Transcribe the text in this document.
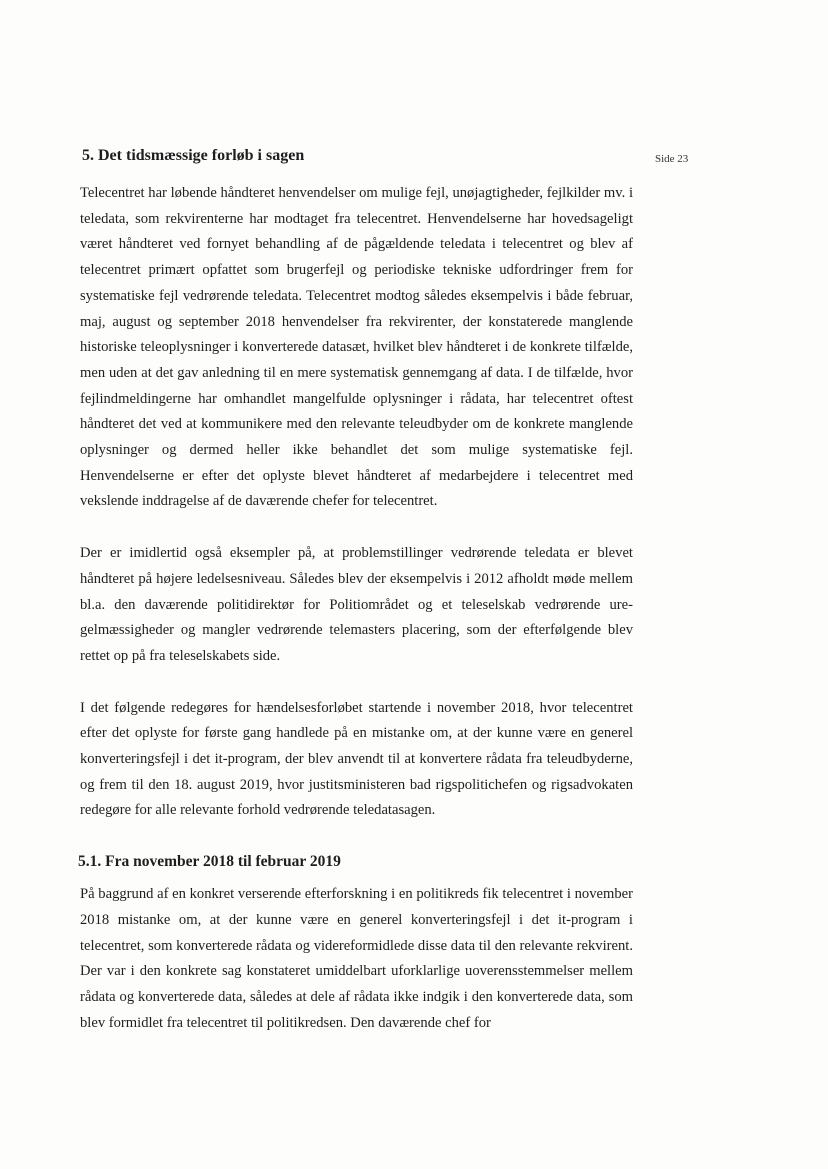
Side 23
5. Det tidsmæssige forløb i sagen

Telecentret har løbende håndteret henvendelser om mulige fejl, unøjagtigheder, fejlkilder mv. i teledata, som rekvirenterne har modtaget fra telecentret. Henvendelserne har hovedsageligt været håndteret ved fornyet behandling af de pågældende teledata i telecentret og blev af telecentret primært opfattet som brugerfejl og periodiske tekniske udfordringer frem for systematiske fejl vedrørende teledata. Telecentret modtog således eksempelvis i både februar, maj, august og september 2018 henvendelser fra rekvirenter, der konstaterede manglende historiske teleoplysninger i konverterede datasæt, hvilket blev håndteret i de konkrete tilfælde, men uden at det gav anledning til en mere systematisk gennemgang af data. I de tilfælde, hvor fejlindmeldingerne har omhandlet mangelfulde oplysninger i rådata, har telecentret oftest håndteret det ved at kommunikere med den relevante teleudbyder om de konkrete manglende oplysninger og dermed heller ikke behandlet det som mulige systematiske fejl. Henvendelserne er efter det oplyste blevet håndteret af medarbejdere i telecentret med vekslende inddragelse af de daværende chefer for telecentret.

Der er imidlertid også eksempler på, at problemstillinger vedrørende teledata er blevet håndteret på højere ledelsesniveau. Således blev der eksempelvis i 2012 afholdt møde mellem bl.a. den daværende politidirektør for Politiområdet og et teleselskab vedrørende uregelmæssigheder og mangler vedrørende telemasters placering, som der efterfølgende blev rettet op på fra teleselskabets side.

I det følgende redegøres for hændelsesforløbet startende i november 2018, hvor telecentret efter det oplyste for første gang handlede på en mistanke om, at der kunne være en generel konverteringsfejl i det it-program, der blev anvendt til at konvertere rådata fra teleudbyderne, og frem til den 18. august 2019, hvor justitsministeren bad rigspolitichefen og rigsadvokaten redegøre for alle relevante forhold vedrørende teledatasagen.

5.1. Fra november 2018 til februar 2019

På baggrund af en konkret verserende efterforskning i en politikreds fik telecentret i november 2018 mistanke om, at der kunne være en generel konverteringsfejl i det it-program i telecentret, som konverterede rådata og videreformidlede disse data til den relevante rekvirent. Der var i den konkrete sag konstateret umiddelbart uforklarlige uoverensstemmelser mellem rådata og konverterede data, således at dele af rådata ikke indgik i den konverterede data, som blev formidlet fra telecentret til politikredsen. Den daværende chef for
